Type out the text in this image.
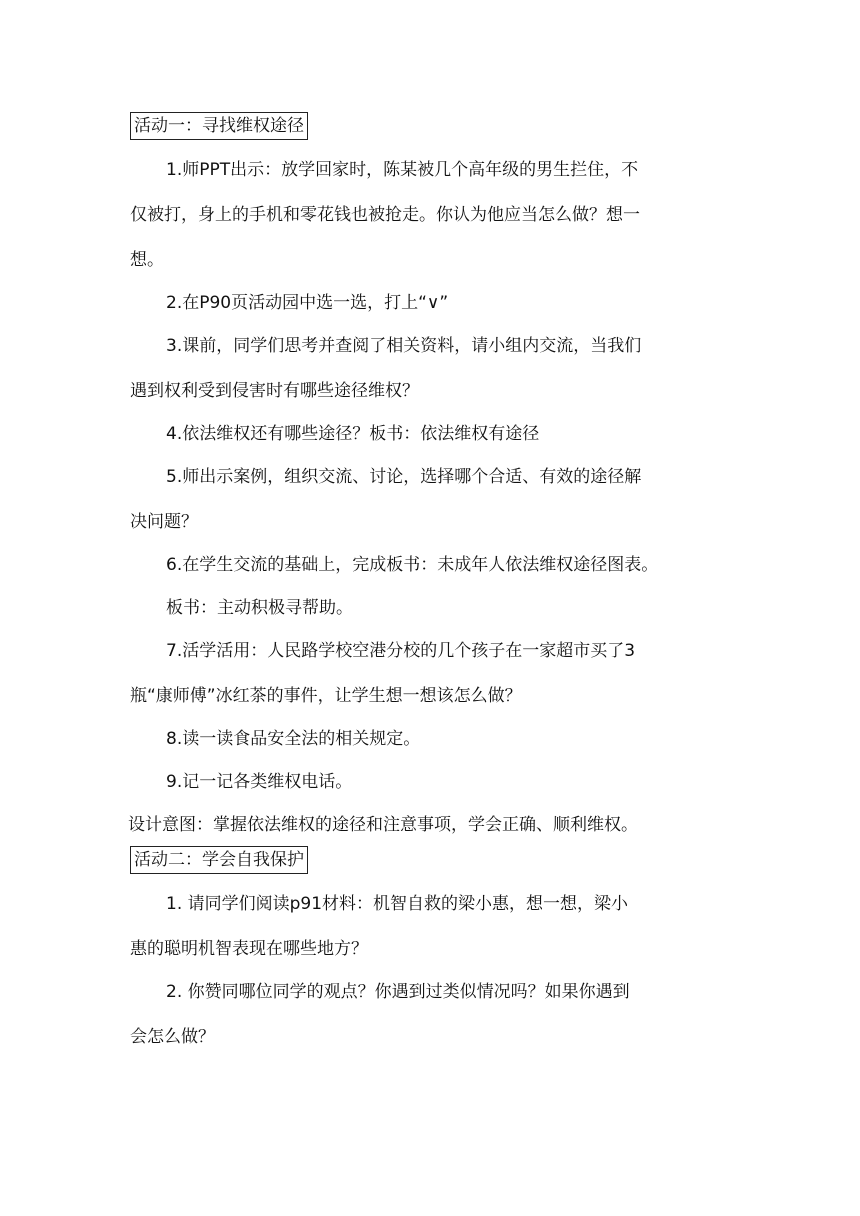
活动一：寻找维权途径

1.师PPT出示：放学回家时，陈某被几个高年级的男生拦住，不

仅被打，身上的手机和零花钱也被抢走。你认为他应当怎么做？想一

想。

2.在P90页活动园中选一选，打上“∨”

3.课前，同学们思考并查阅了相关资料，请小组内交流，当我们

遇到权利受到侵害时有哪些途径维权？

4.依法维权还有哪些途径？板书：依法维权有途径

5.师出示案例，组织交流、讨论，选择哪个合适、有效的途径解

决问题？

6.在学生交流的基础上，完成板书：未成年人依法维权途径图表。

板书：主动积极寻帮助。

7.活学活用：人民路学校空港分校的几个孩子在一家超市买了3

瓶“康师傅”冰红茶的事件，让学生想一想该怎么做？

8.读一读食品安全法的相关规定。

9.记一记各类维权电话。

设计意图：掌握依法维权的途径和注意事项，学会正确、顺利维权。

活动二：学会自我保护

1. 请同学们阅读p91材料：机智自救的梁小惠，想一想，梁小

惠的聪明机智表现在哪些地方？

2. 你赞同哪位同学的观点？你遇到过类似情况吗？如果你遇到

会怎么做？
